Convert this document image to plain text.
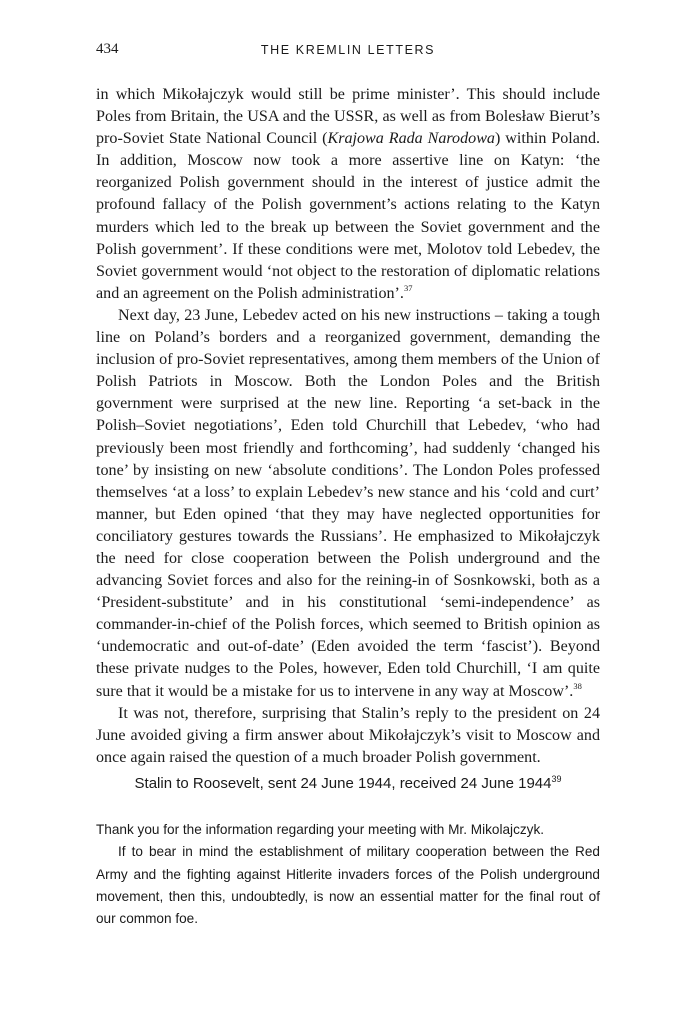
434	THE KREMLIN LETTERS

in which Mikołajczyk would still be prime minister’. This should include Poles from Britain, the USA and the USSR, as well as from Bolesław Bierut’s pro-Soviet State National Council (Krajowa Rada Narodowa) within Poland. In addition, Moscow now took a more assertive line on Katyn: ‘the reorganized Polish government should in the interest of justice admit the profound fallacy of the Polish government’s actions relating to the Katyn murders which led to the break up between the Soviet government and the Polish government’. If these conditions were met, Molotov told Lebedev, the Soviet government would ‘not object to the restoration of diplomatic relations and an agreement on the Polish administration’.$^{37}$

Next day, 23 June, Lebedev acted on his new instructions – taking a tough line on Poland’s borders and a reorganized government, demanding the inclusion of pro-Soviet representatives, among them members of the Union of Polish Patriots in Moscow. Both the London Poles and the British government were surprised at the new line. Reporting ‘a set-back in the Polish–Soviet negotiations’, Eden told Churchill that Lebedev, ‘who had previously been most friendly and forthcoming’, had suddenly ‘changed his tone’ by insisting on new ‘absolute conditions’. The London Poles professed themselves ‘at a loss’ to explain Lebedev’s new stance and his ‘cold and curt’ manner, but Eden opined ‘that they may have neglected opportunities for conciliatory gestures towards the Russians’. He emphasized to Mikołajczyk the need for close cooperation between the Polish underground and the advancing Soviet forces and also for the reining-in of Sosnkowski, both as a ‘President-substitute’ and in his constitutional ‘semi-independence’ as commander-in-chief of the Polish forces, which seemed to British opinion as ‘undemocratic and out-of-date’ (Eden avoided the term ‘fascist’). Beyond these private nudges to the Poles, however, Eden told Churchill, ‘I am quite sure that it would be a mistake for us to intervene in any way at Moscow’.$^{38}$

It was not, therefore, surprising that Stalin’s reply to the president on 24 June avoided giving a firm answer about Mikołajczyk’s visit to Moscow and once again raised the question of a much broader Polish government.

Stalin to Roosevelt, sent 24 June 1944, received 24 June 1944$^{39}$

Thank you for the information regarding your meeting with Mr. Mikolajczyk.

If to bear in mind the establishment of military cooperation between the Red Army and the fighting against Hitlerite invaders forces of the Polish underground movement, then this, undoubtedly, is now an essential matter for the final rout of our common foe.
